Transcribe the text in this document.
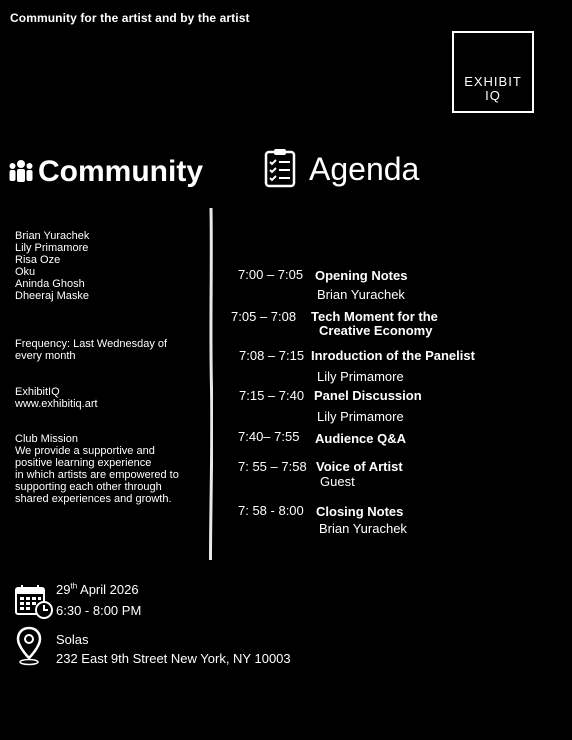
Community for the artist and by the artist
EXHIBIT
IQ
Community	Agenda
Brian Yurachek
Lily Primamore
Risa Oze
Oku
Aninda Ghosh
Dheeraj Maske
Frequency: Last Wednesday of
every month
ExhibitIQ
www.exhibitiq.art
Club Mission
We provide a supportive and
positive learning experience
in which artists are empowered to
supporting each other through
shared experiences and growth.
7:00 – 7:05 Opening Notes
Brian Yurachek
7:05 – 7:08 Tech Moment for the
Creative Economy
7:08 – 7:15 Inroduction of the Panelist
Lily Primamore
7:15 – 7:40 Panel Discussion
Lily Primamore
7:40– 7:55 Audience Q&A
7: 55 – 7:58 Voice of Artist
Guest
7: 58 - 8:00 Closing Notes
Brian Yurachek
29th April 2026
6:30 - 8:00 PM
Solas
232 East 9th Street New York, NY 10003
